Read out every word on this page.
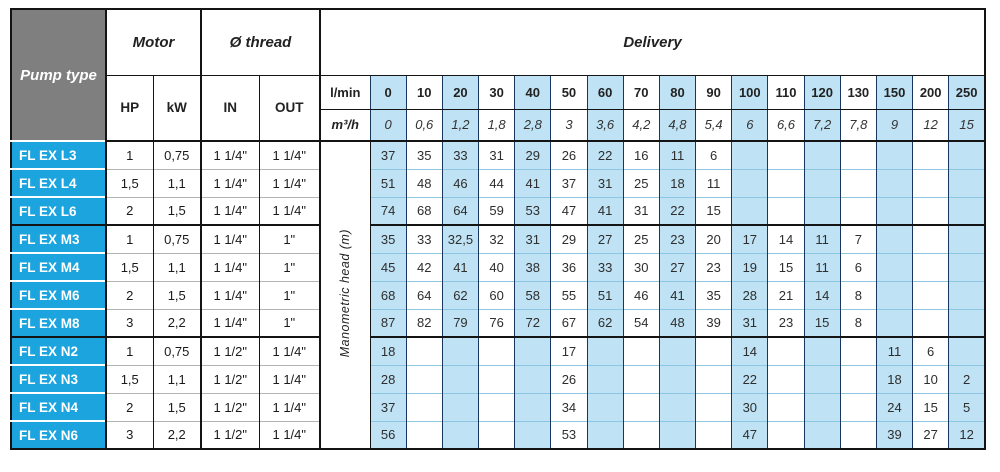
Pump type	Motor		Ø thread		Delivery																	
	HP	kW	IN	OUT	l/min	0	10	20	30	40	50	60	70	80	90	100	110	120	130	150	200	250
					m³/h	0	0,6	1,2	1,8	2,8	3	3,6	4,2	4,8	5,4	6	6,6	7,2	7,8	9	12	15
FL EX L3	1	0,75	1 1/4"	1 1/4"	Manometric head (m)	37	35	33	31	29	26	22	16	11	6							
FL EX L4	1,5	1,1	1 1/4"	1 1/4"		51	48	46	44	41	37	31	25	18	11							
FL EX L6	2	1,5	1 1/4"	1 1/4"		74	68	64	59	53	47	41	31	22	15							
FL EX M3	1	0,75	1 1/4"	1"		35	33	32,5	32	31	29	27	25	23	20	17	14	11	7			
FL EX M4	1,5	1,1	1 1/4"	1"		45	42	41	40	38	36	33	30	27	23	19	15	11	6			
FL EX M6	2	1,5	1 1/4"	1"		68	64	62	60	58	55	51	46	41	35	28	21	14	8			
FL EX M8	3	2,2	1 1/4"	1"		87	82	79	76	72	67	62	54	48	39	31	23	15	8			
FL EX N2	1	0,75	1 1/2"	1 1/4"		18					17					14				11	6	
FL EX N3	1,5	1,1	1 1/2"	1 1/4"		28					26					22				18	10	2
FL EX N4	2	1,5	1 1/2"	1 1/4"		37					34					30				24	15	5
FL EX N6	3	2,2	1 1/2"	1 1/4"		56					53					47				39	27	12
